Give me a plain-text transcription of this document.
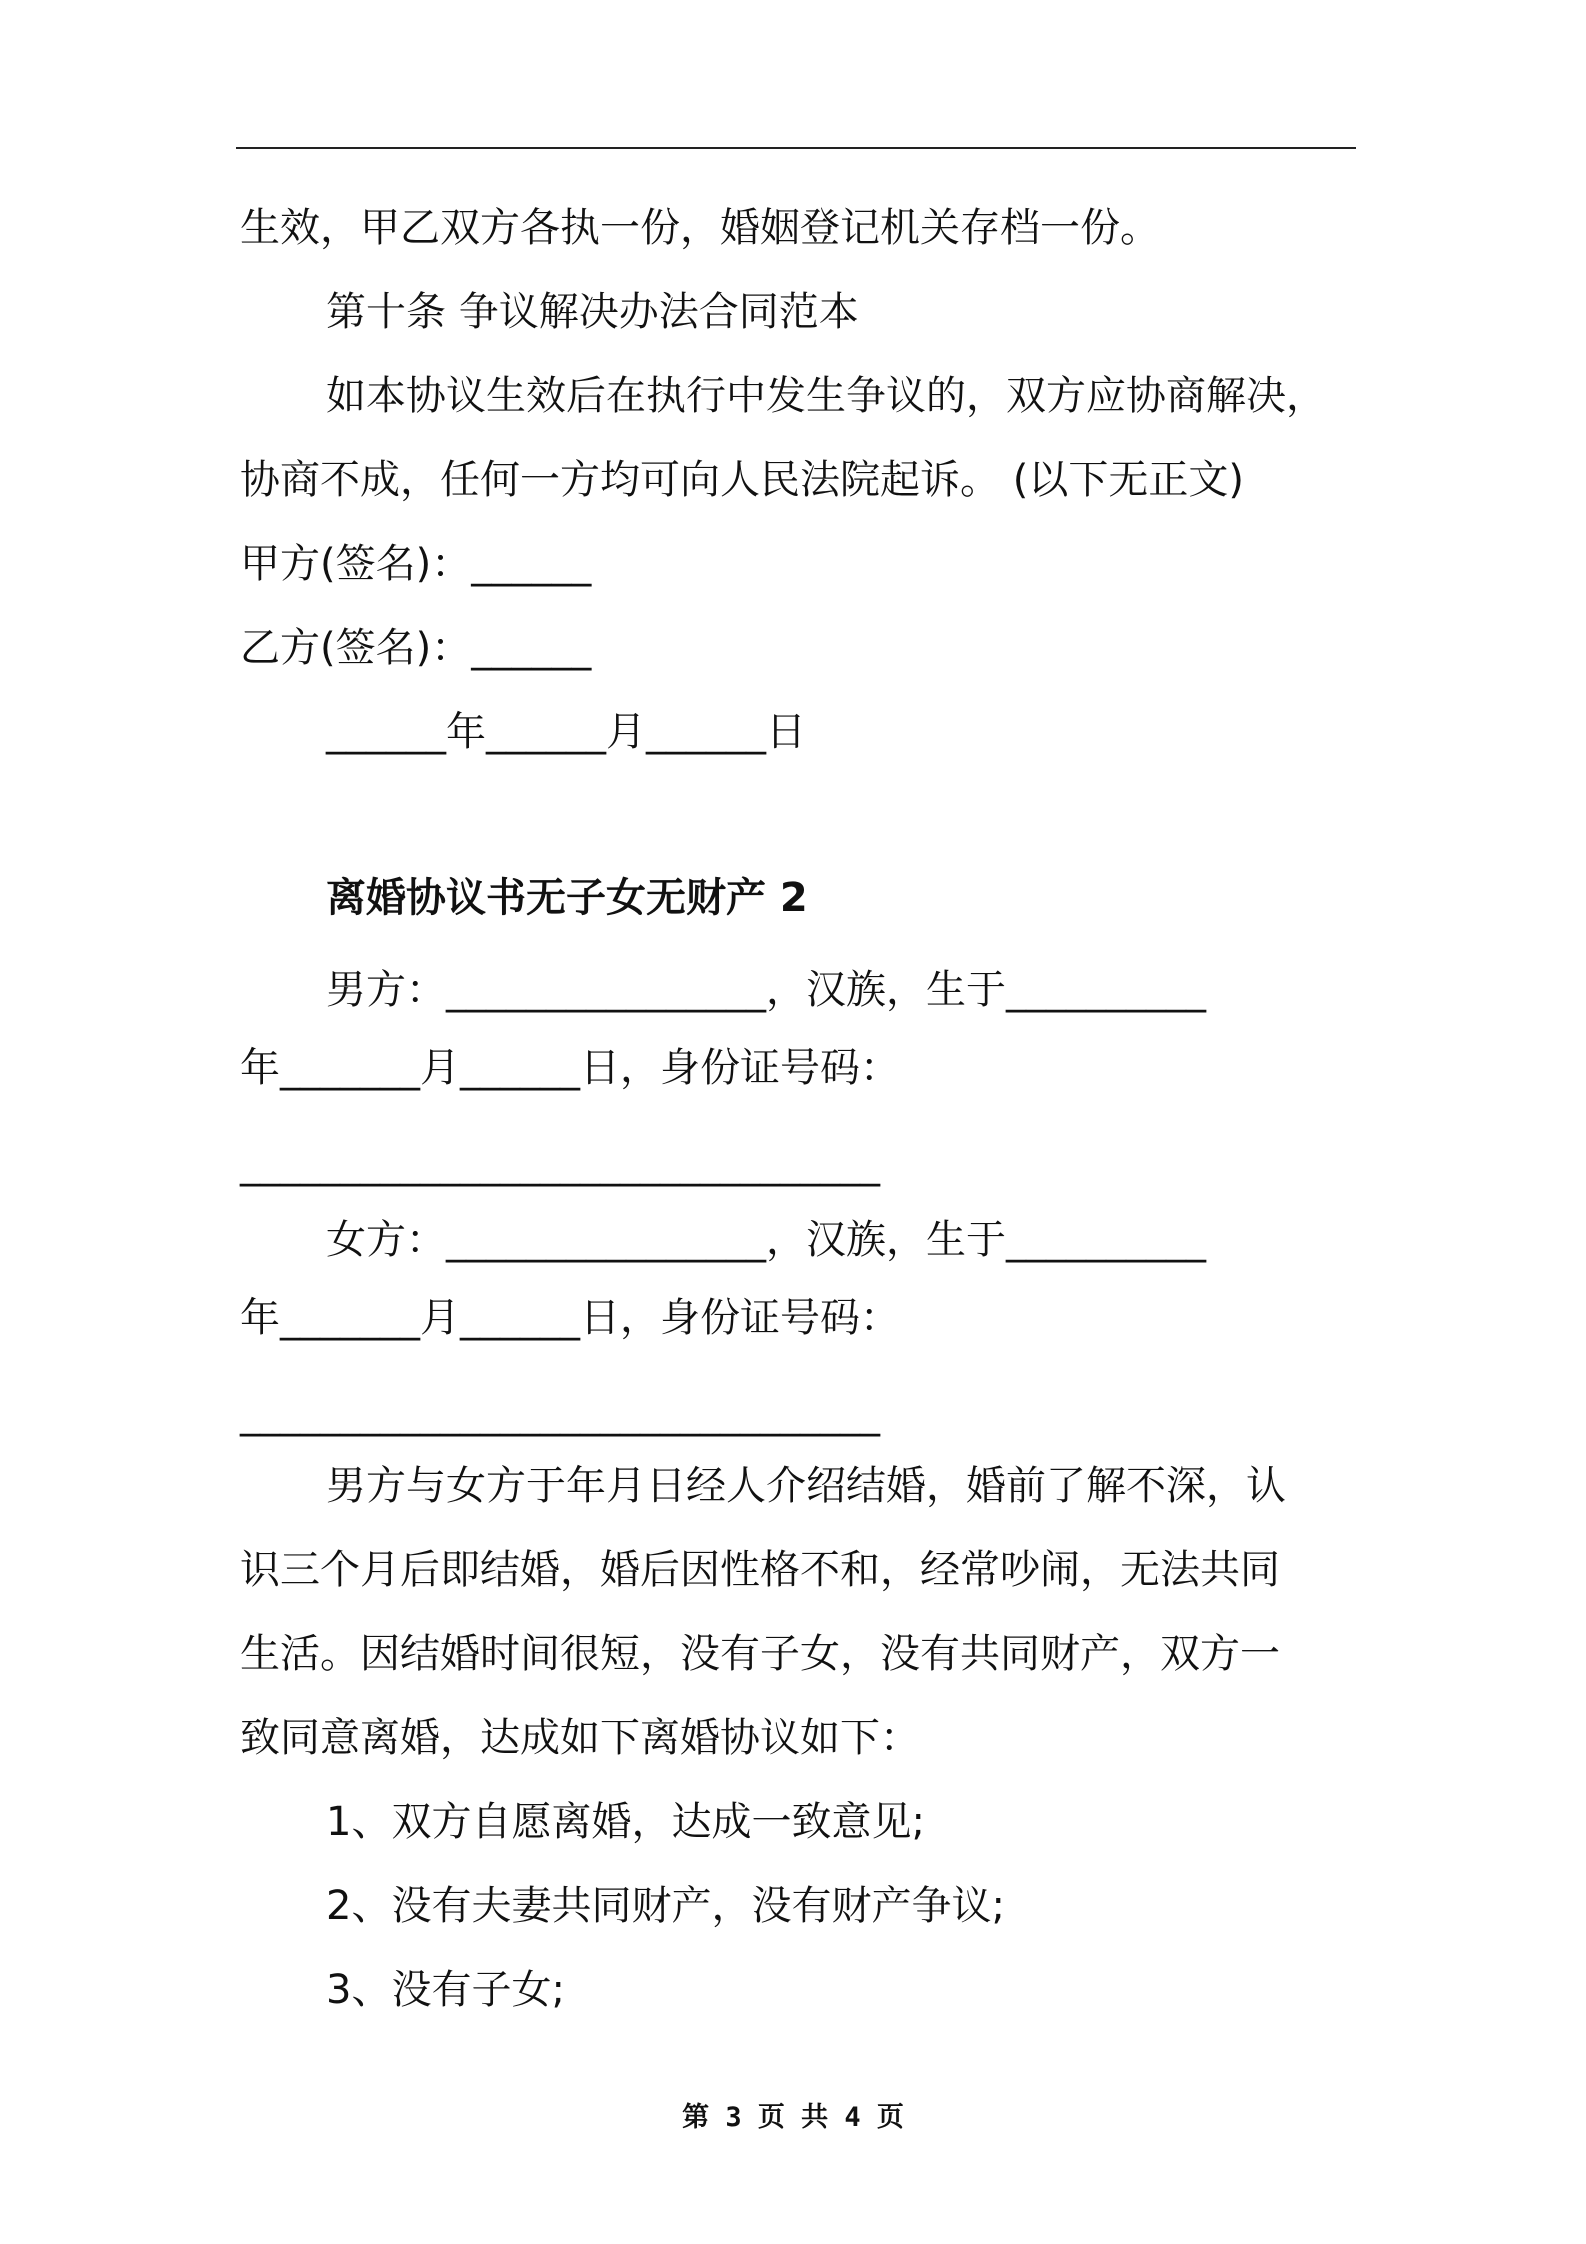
生效，甲乙双方各执一份，婚姻登记机关存档一份。
第十条 争议解决办法合同范本
如本协议生效后在执行中发生争议的，双方应协商解决，
协商不成，任何一方均可向人民法院起诉。 (以下无正文)
甲方(签名)：______
乙方(签名)：______
______年______月______日
离婚协议书无子女无财产 2
男方：________________，汉族，生于__________
年_______月______日，身份证号码：
________________________________
女方：________________，汉族，生于__________
年_______月______日，身份证号码：
________________________________
男方与女方于年月日经人介绍结婚，婚前了解不深，认
识三个月后即结婚，婚后因性格不和，经常吵闹，无法共同
生活。因结婚时间很短，没有子女，没有共同财产，双方一
致同意离婚，达成如下离婚协议如下：
1、双方自愿离婚，达成一致意见;
2、没有夫妻共同财产，没有财产争议;
3、没有子女;
第 3 页 共 4 页
